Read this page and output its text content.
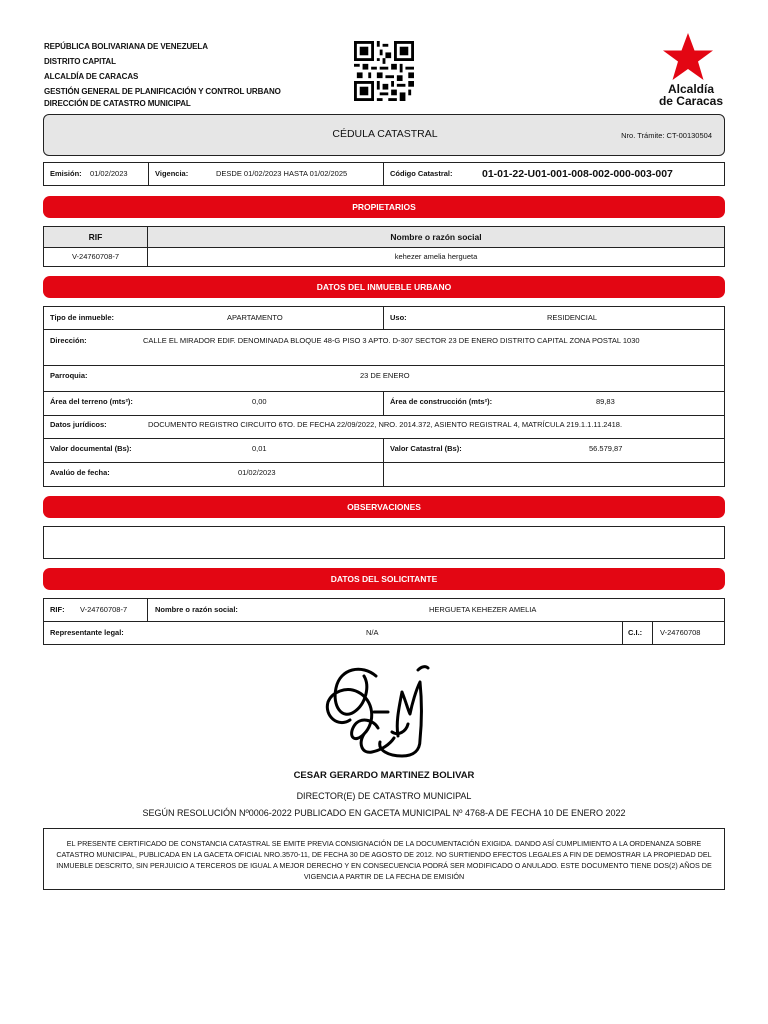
REPÚBLICA BOLIVARIANA DE VENEZUELA
DISTRITO CAPITAL
ALCALDÍA DE CARACAS
GESTIÓN GENERAL DE PLANIFICACIÓN Y CONTROL URBANO
DIRECCIÓN DE CATASTRO MUNICIPAL
Alcaldía
de Caracas
CÉDULA CATASTRAL	Nro. Trámite: CT-00130504
Emisión: 01/02/2023	Vigencia:	DESDE 01/02/2023 HASTA 01/02/2025	Código Catastral:	01-01-22-U01-001-008-002-000-003-007
PROPIETARIOS
RIF	Nombre o razón social
V-24760708-7	kehezer amelia hergueta
DATOS DEL INMUEBLE URBANO
Tipo de inmueble:	APARTAMENTO	Uso:	RESIDENCIAL
Dirección:	CALLE EL MIRADOR EDIF. DENOMINADA BLOQUE 48-G PISO 3 APTO. D-307 SECTOR 23 DE ENERO DISTRITO CAPITAL ZONA POSTAL 1030
Parroquia:	23 DE ENERO
Área del terreno (mts²):	0,00	Área de construcción (mts²):	89,83
Datos jurídicos:	DOCUMENTO REGISTRO CIRCUITO 6TO. DE FECHA 22/09/2022, NRO. 2014.372, ASIENTO REGISTRAL 4, MATRÍCULA 219.1.1.11.2418.
Valor documental (Bs):	0,01	Valor Catastral (Bs):	56.579,87
Avalúo de fecha:	01/02/2023
OBSERVACIONES
DATOS DEL SOLICITANTE
RIF: V-24760708-7	Nombre o razón social:	HERGUETA KEHEZER AMELIA
Representante legal:	N/A	C.I.: V-24760708
CESAR GERARDO MARTINEZ BOLIVAR
DIRECTOR(E) DE CATASTRO MUNICIPAL
SEGÚN RESOLUCIÓN Nº0006-2022 PUBLICADO EN GACETA MUNICIPAL Nº 4768-A DE FECHA 10 DE ENERO 2022
EL PRESENTE CERTIFICADO DE CONSTANCIA CATASTRAL SE EMITE PREVIA CONSIGNACIÓN DE LA DOCUMENTACIÓN EXIGIDA. DANDO ASÍ CUMPLIMIENTO A LA ORDENANZA SOBRE
CATASTRO MUNICIPAL, PUBLICADA EN LA GACETA OFICIAL NRO.3570-11, DE FECHA 30 DE AGOSTO DE 2012. NO SURTIENDO EFECTOS LEGALES A FIN DE DEMOSTRAR LA PROPIEDAD DEL
INMUEBLE DESCRITO, SIN PERJUICIO A TERCEROS DE IGUAL A MEJOR DERECHO Y EN CONSECUENCIA PODRÁ SER MODIFICADO O ANULADO. ESTE DOCUMENTO TIENE DOS(2) AÑOS DE
VIGENCIA A PARTIR DE LA FECHA DE EMISIÓN
